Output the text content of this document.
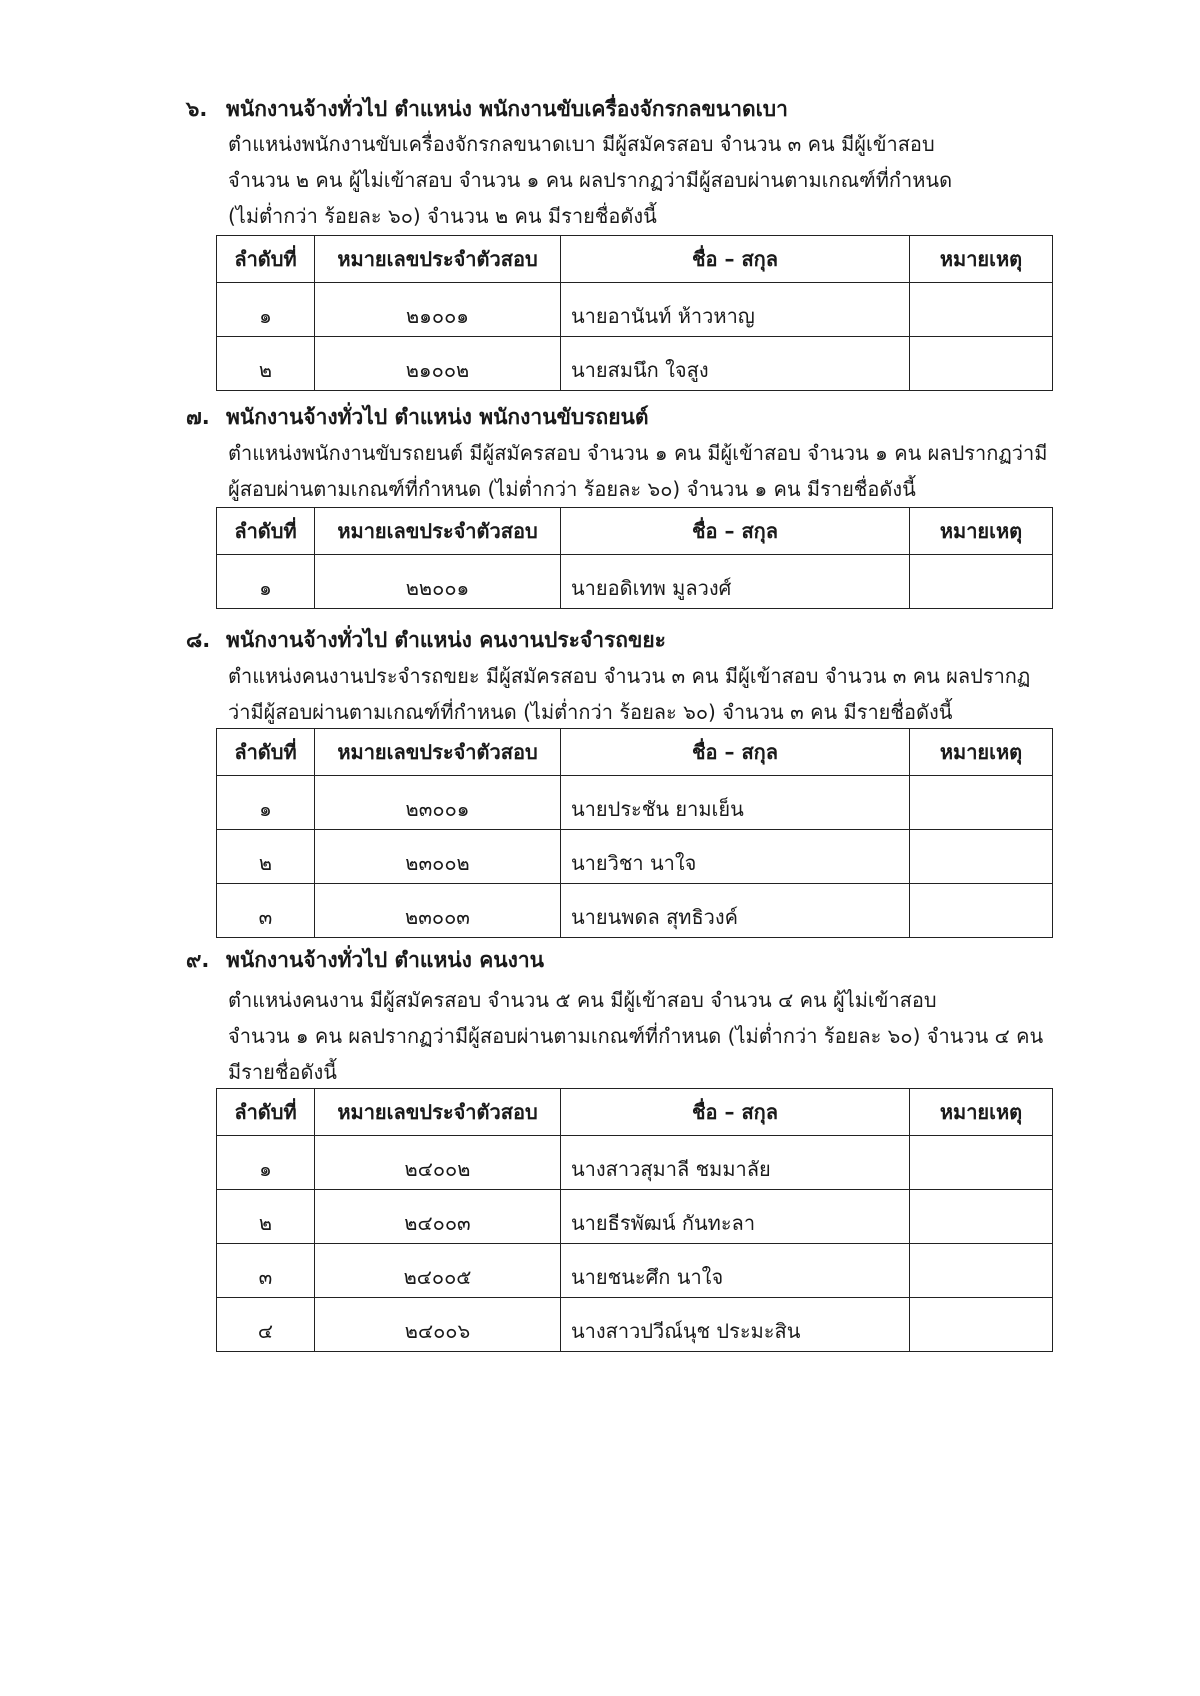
๖. พนักงานจ้างทั่วไป ตำแหน่ง พนักงานขับเครื่องจักรกลขนาดเบา
ตำแหน่งพนักงานขับเครื่องจักรกลขนาดเบา มีผู้สมัครสอบ จำนวน ๓ คน มีผู้เข้าสอบ
จำนวน ๒ คน ผู้ไม่เข้าสอบ จำนวน ๑ คน ผลปรากฏว่ามีผู้สอบผ่านตามเกณฑ์ที่กำหนด
(ไม่ต่ำกว่า ร้อยละ ๖๐) จำนวน ๒ คน มีรายชื่อดังนี้
ลำดับที่	หมายเลขประจำตัวสอบ	ชื่อ – สกุล	หมายเหตุ
๑	๒๑๐๐๑	นายอานันท์ ห้าวหาญ	
๒	๒๑๐๐๒	นายสมนึก ใจสูง	
๗. พนักงานจ้างทั่วไป ตำแหน่ง พนักงานขับรถยนต์
ตำแหน่งพนักงานขับรถยนต์ มีผู้สมัครสอบ จำนวน ๑ คน มีผู้เข้าสอบ จำนวน ๑ คน ผลปรากฏว่ามี
ผู้สอบผ่านตามเกณฑ์ที่กำหนด (ไม่ต่ำกว่า ร้อยละ ๖๐) จำนวน ๑ คน มีรายชื่อดังนี้
ลำดับที่	หมายเลขประจำตัวสอบ	ชื่อ – สกุล	หมายเหตุ
๑	๒๒๐๐๑	นายอดิเทพ มูลวงศ์	
๘. พนักงานจ้างทั่วไป ตำแหน่ง คนงานประจำรถขยะ
ตำแหน่งคนงานประจำรถขยะ มีผู้สมัครสอบ จำนวน ๓ คน มีผู้เข้าสอบ จำนวน ๓ คน ผลปรากฏ
ว่ามีผู้สอบผ่านตามเกณฑ์ที่กำหนด (ไม่ต่ำกว่า ร้อยละ ๖๐) จำนวน ๓ คน มีรายชื่อดังนี้
ลำดับที่	หมายเลขประจำตัวสอบ	ชื่อ – สกุล	หมายเหตุ
๑	๒๓๐๐๑	นายประชัน ยามเย็น	
๒	๒๓๐๐๒	นายวิชา นาใจ	
๓	๒๓๐๐๓	นายนพดล สุทธิวงค์	
๙. พนักงานจ้างทั่วไป ตำแหน่ง คนงาน
ตำแหน่งคนงาน มีผู้สมัครสอบ จำนวน ๕ คน มีผู้เข้าสอบ จำนวน ๔ คน ผู้ไม่เข้าสอบ
จำนวน ๑ คน ผลปรากฏว่ามีผู้สอบผ่านตามเกณฑ์ที่กำหนด (ไม่ต่ำกว่า ร้อยละ ๖๐) จำนวน ๔ คน
มีรายชื่อดังนี้
ลำดับที่	หมายเลขประจำตัวสอบ	ชื่อ – สกุล	หมายเหตุ
๑	๒๔๐๐๒	นางสาวสุมาลี ชมมาลัย	
๒	๒๔๐๐๓	นายธีรพัฒน์ กันทะลา	
๓	๒๔๐๐๕	นายชนะศึก นาใจ	
๔	๒๔๐๐๖	นางสาวปวีณ์นุช ประมะสิน	
